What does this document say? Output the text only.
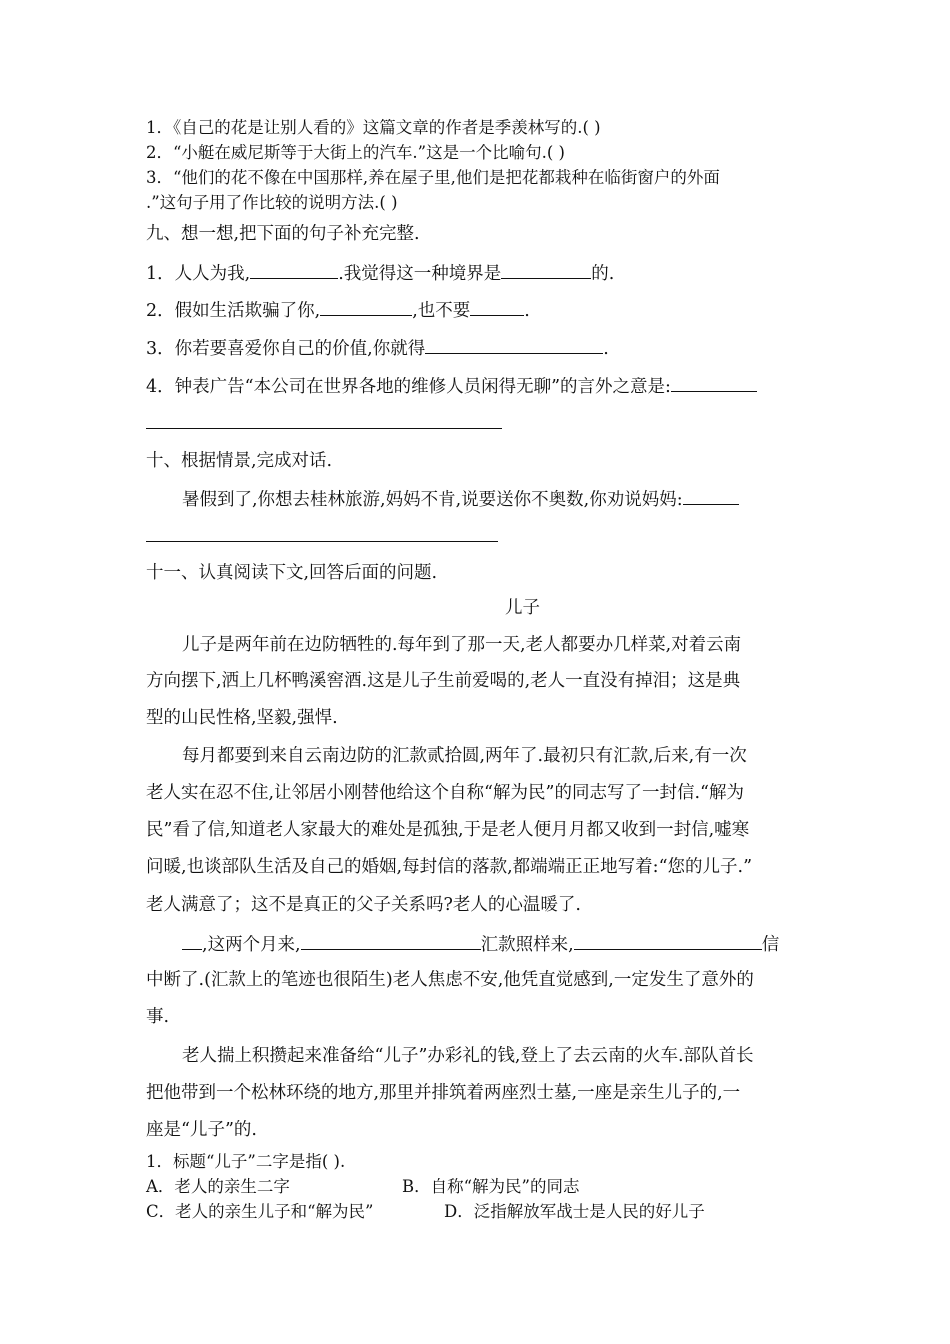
1．《自己的花是让别人看的》这篇文章的作者是季羡林写的.( )
2．“小艇在威尼斯等于大街上的汽车.”这是一个比喻句.( )
3．“他们的花不像在中国那样,养在屋子里,他们是把花都栽种在临街窗户的外面
.”这句子用了作比较的说明方法.( )
九、想一想,把下面的句子补充完整.
1．人人为我,	.我觉得这一种境界是	的.
2．假如生活欺骗了你,	,也不要	.
3．你若要喜爱你自己的价值,你就得	.
4．钟表广告“本公司在世界各地的维修人员闲得无聊”的言外之意是:
十、根据情景,完成对话.
暑假到了,你想去桂林旅游,妈妈不肯,说要送你不奥数,你劝说妈妈:
十一、认真阅读下文,回答后面的问题.
儿子
儿子是两年前在边防牺牲的.每年到了那一天,老人都要办几样菜,对着云南
方向摆下,洒上几杯鸭溪窖酒.这是儿子生前爱喝的,老人一直没有掉泪；这是典
型的山民性格,坚毅,强悍.
每月都要到来自云南边防的汇款贰拾圆,两年了.最初只有汇款,后来,有一次
老人实在忍不住,让邻居小刚替他给这个自称“解为民”的同志写了一封信.“解为
民”看了信,知道老人家最大的难处是孤独,于是老人便月月都又收到一封信,嘘寒
问暖,也谈部队生活及自己的婚姻,每封信的落款,都端端正正地写着:“您的儿子.”
老人满意了；这不是真正的父子关系吗?老人的心温暖了.
,这两个月来,	汇款照样来,	信
中断了.(汇款上的笔迹也很陌生)老人焦虑不安,他凭直觉感到,一定发生了意外的
事.
老人揣上积攒起来准备给“儿子”办彩礼的钱,登上了去云南的火车.部队首长
把他带到一个松林环绕的地方,那里并排筑着两座烈士墓,一座是亲生儿子的,一
座是“儿子”的.
1．标题“儿子”二字是指( ).
A．老人的亲生二字	B．自称“解为民”的同志
C．老人的亲生儿子和“解为民”	D．泛指解放军战士是人民的好儿子
